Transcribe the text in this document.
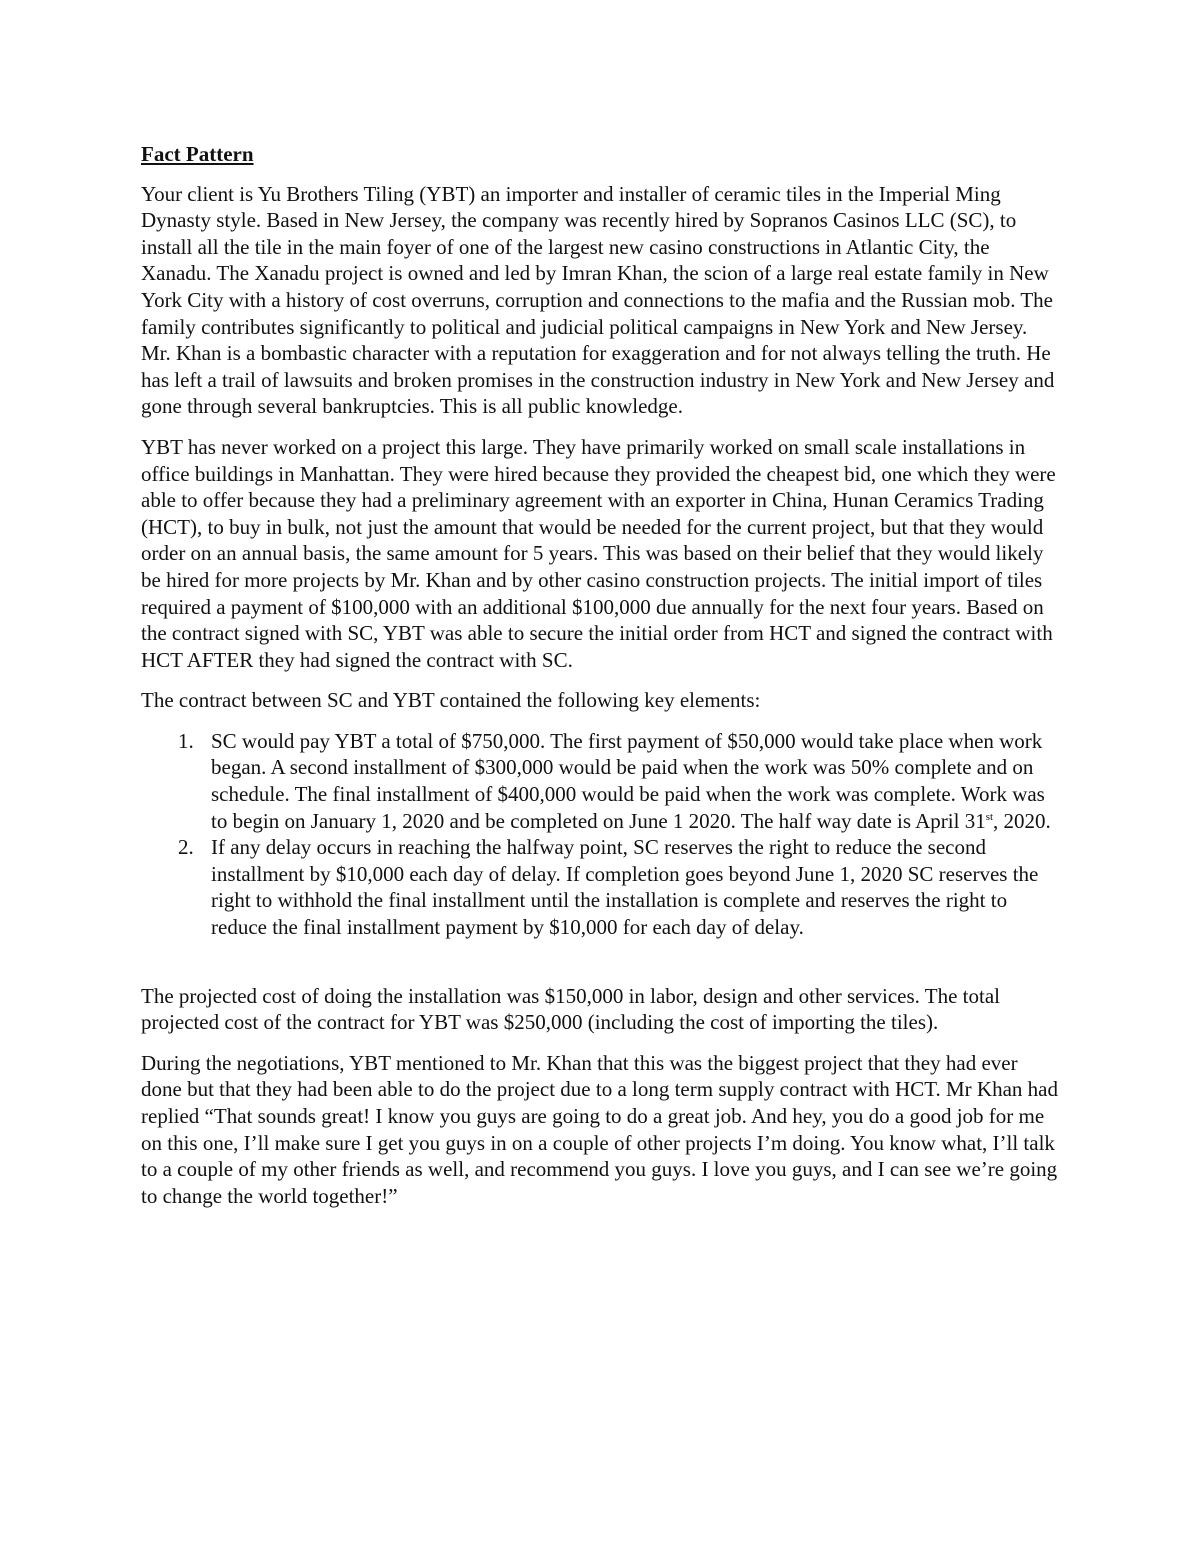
Fact Pattern

Your client is Yu Brothers Tiling (YBT) an importer and installer of ceramic tiles in the Imperial Ming Dynasty style. Based in New Jersey, the company was recently hired by Sopranos Casinos LLC (SC), to install all the tile in the main foyer of one of the largest new casino constructions in Atlantic City, the Xanadu. The Xanadu project is owned and led by Imran Khan, the scion of a large real estate family in New York City with a history of cost overruns, corruption and connections to the mafia and the Russian mob. The family contributes significantly to political and judicial political campaigns in New York and New Jersey. Mr. Khan is a bombastic character with a reputation for exaggeration and for not always telling the truth. He has left a trail of lawsuits and broken promises in the construction industry in New York and New Jersey and gone through several bankruptcies. This is all public knowledge.

YBT has never worked on a project this large. They have primarily worked on small scale installations in office buildings in Manhattan. They were hired because they provided the cheapest bid, one which they were able to offer because they had a preliminary agreement with an exporter in China, Hunan Ceramics Trading (HCT), to buy in bulk, not just the amount that would be needed for the current project, but that they would order on an annual basis, the same amount for 5 years. This was based on their belief that they would likely be hired for more projects by Mr. Khan and by other casino construction projects. The initial import of tiles required a payment of $100,000 with an additional $100,000 due annually for the next four years. Based on the contract signed with SC, YBT was able to secure the initial order from HCT and signed the contract with HCT AFTER they had signed the contract with SC.

The contract between SC and YBT contained the following key elements:

1. SC would pay YBT a total of $750,000. The first payment of $50,000 would take place when work began. A second installment of $300,000 would be paid when the work was 50% complete and on schedule. The final installment of $400,000 would be paid when the work was complete. Work was to begin on January 1, 2020 and be completed on June 1 2020. The half way date is April 31st, 2020.
2. If any delay occurs in reaching the halfway point, SC reserves the right to reduce the second installment by $10,000 each day of delay. If completion goes beyond June 1, 2020 SC reserves the right to withhold the final installment until the installation is complete and reserves the right to reduce the final installment payment by $10,000 for each day of delay.

The projected cost of doing the installation was $150,000 in labor, design and other services. The total projected cost of the contract for YBT was $250,000 (including the cost of importing the tiles).

During the negotiations, YBT mentioned to Mr. Khan that this was the biggest project that they had ever done but that they had been able to do the project due to a long term supply contract with HCT. Mr Khan had replied “That sounds great! I know you guys are going to do a great job. And hey, you do a good job for me on this one, I’ll make sure I get you guys in on a couple of other projects I’m doing. You know what, I’ll talk to a couple of my other friends as well, and recommend you guys. I love you guys, and I can see we’re going to change the world together!”
